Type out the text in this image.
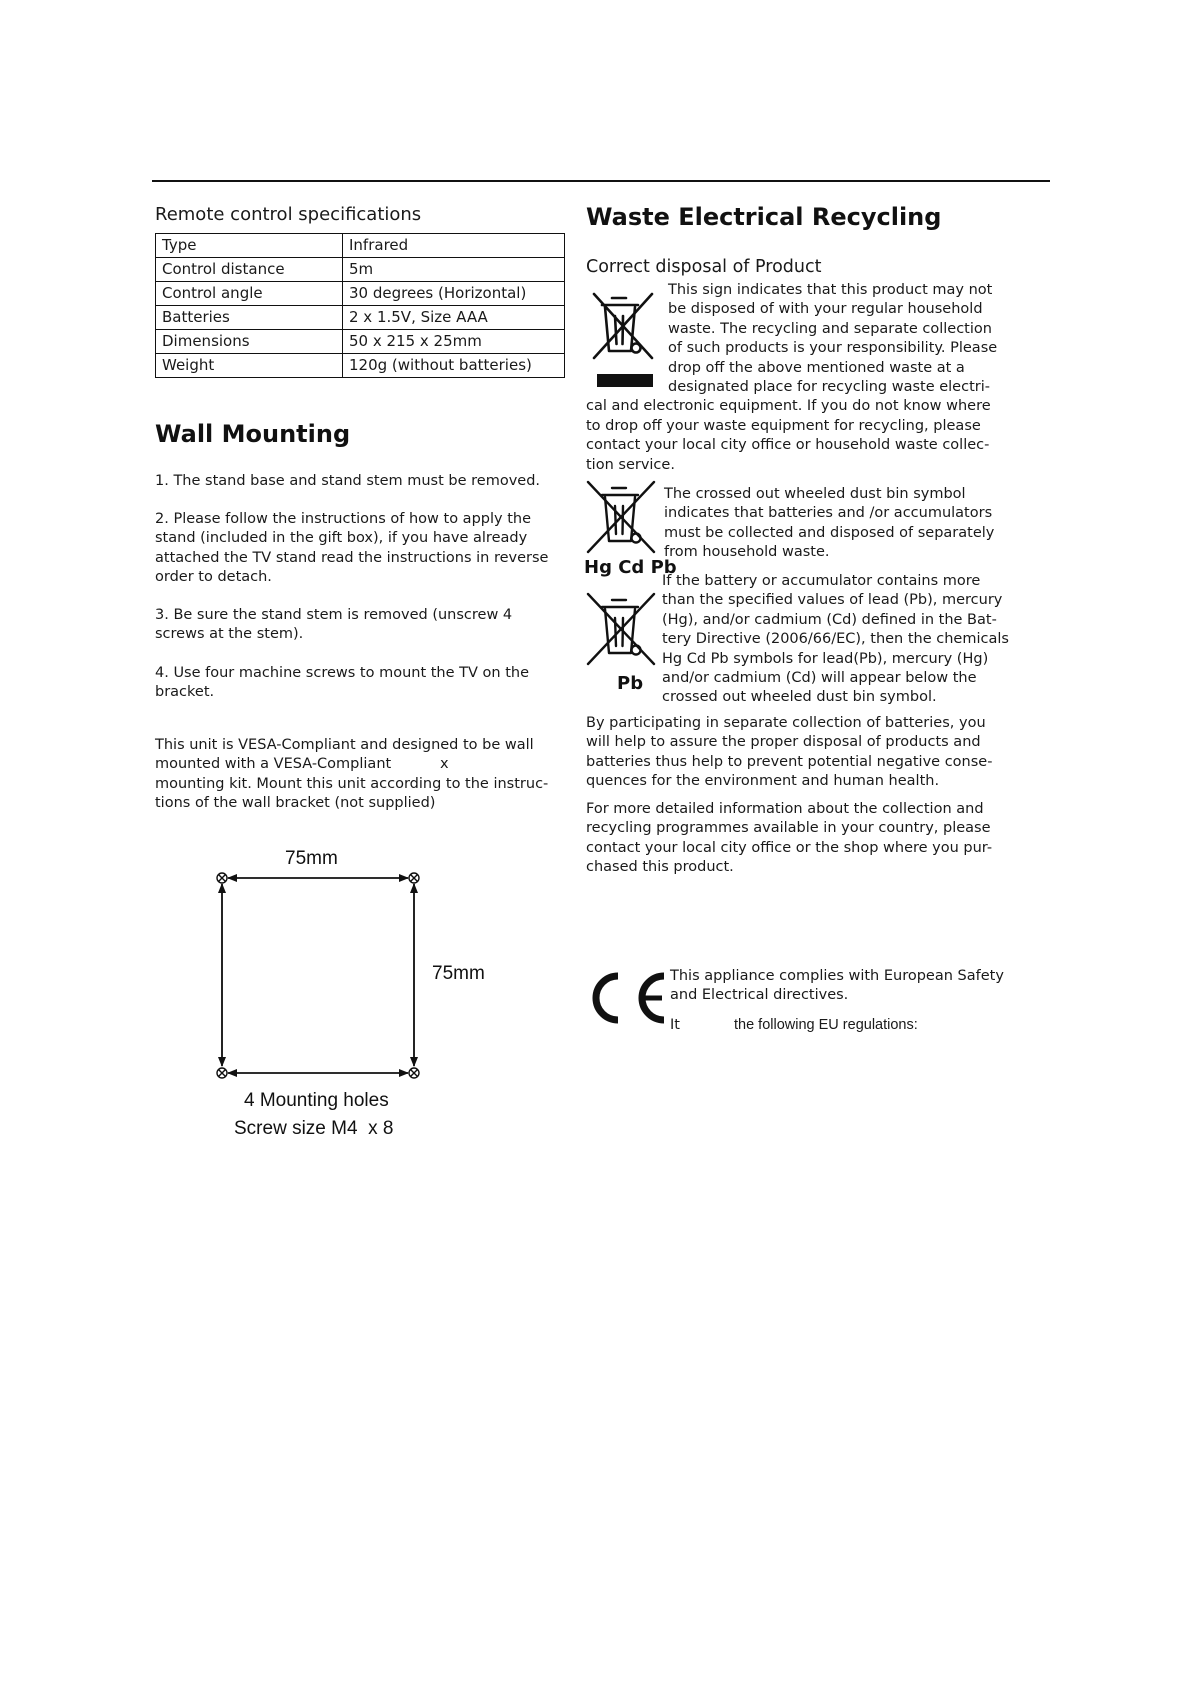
Remote control specifications
Type	Infrared
Control distance	5m
Control angle	30 degrees (Horizontal)
Batteries	2 x 1.5V, Size AAA
Dimensions	50 x 215 x 25mm
Weight	120g (without batteries)
Wall Mounting
1. The stand base and stand stem must be removed.
2. Please follow the instructions of how to apply the stand (included in the gift box), if you have already attached the TV stand read the instructions in reverse order to detach.
3. Be sure the stand stem is removed (unscrew 4 screws at the stem).
4. Use four machine screws to mount the TV on the bracket.
This unit is VESA-Compliant and designed to be wall
mounted with a VESA-Compliant	x
mounting kit. Mount this unit according to the instruc-
tions of the wall bracket (not supplied)
75mm
75mm
4 Mounting holes
Screw size M4  x 8
Waste Electrical Recycling
Correct disposal of Product
This sign indicates that this product may not
be disposed of with your regular household
waste. The recycling and separate collection
of such products is your responsibility. Please
drop off the above mentioned waste at a
designated place for recycling waste electri-
cal and electronic equipment. If you do not know where
to drop off your waste equipment for recycling, please
contact your local city office or household waste collec-
tion service.
Hg Cd Pb
The crossed out wheeled dust bin symbol
indicates that batteries and /or accumulators
must be collected and disposed of separately
from household waste.
Pb
If the battery or accumulator contains more
than the specified values of lead (Pb), mercury
(Hg), and/or cadmium (Cd) defined in the Bat-
tery Directive (2006/66/EC), then the chemicals
Hg Cd Pb symbols for lead(Pb), mercury (Hg)
and/or cadmium (Cd) will appear below the
crossed out wheeled dust bin symbol.
By participating in separate collection of batteries, you
will help to assure the proper disposal of products and
batteries thus help to prevent potential negative conse-
quences for the environment and human health.
For more detailed information about the collection and
recycling programmes available in your country, please
contact your local city office or the shop where you pur-
chased this product.
This appliance complies with European Safety
and Electrical directives.
It	the following EU regulations:
